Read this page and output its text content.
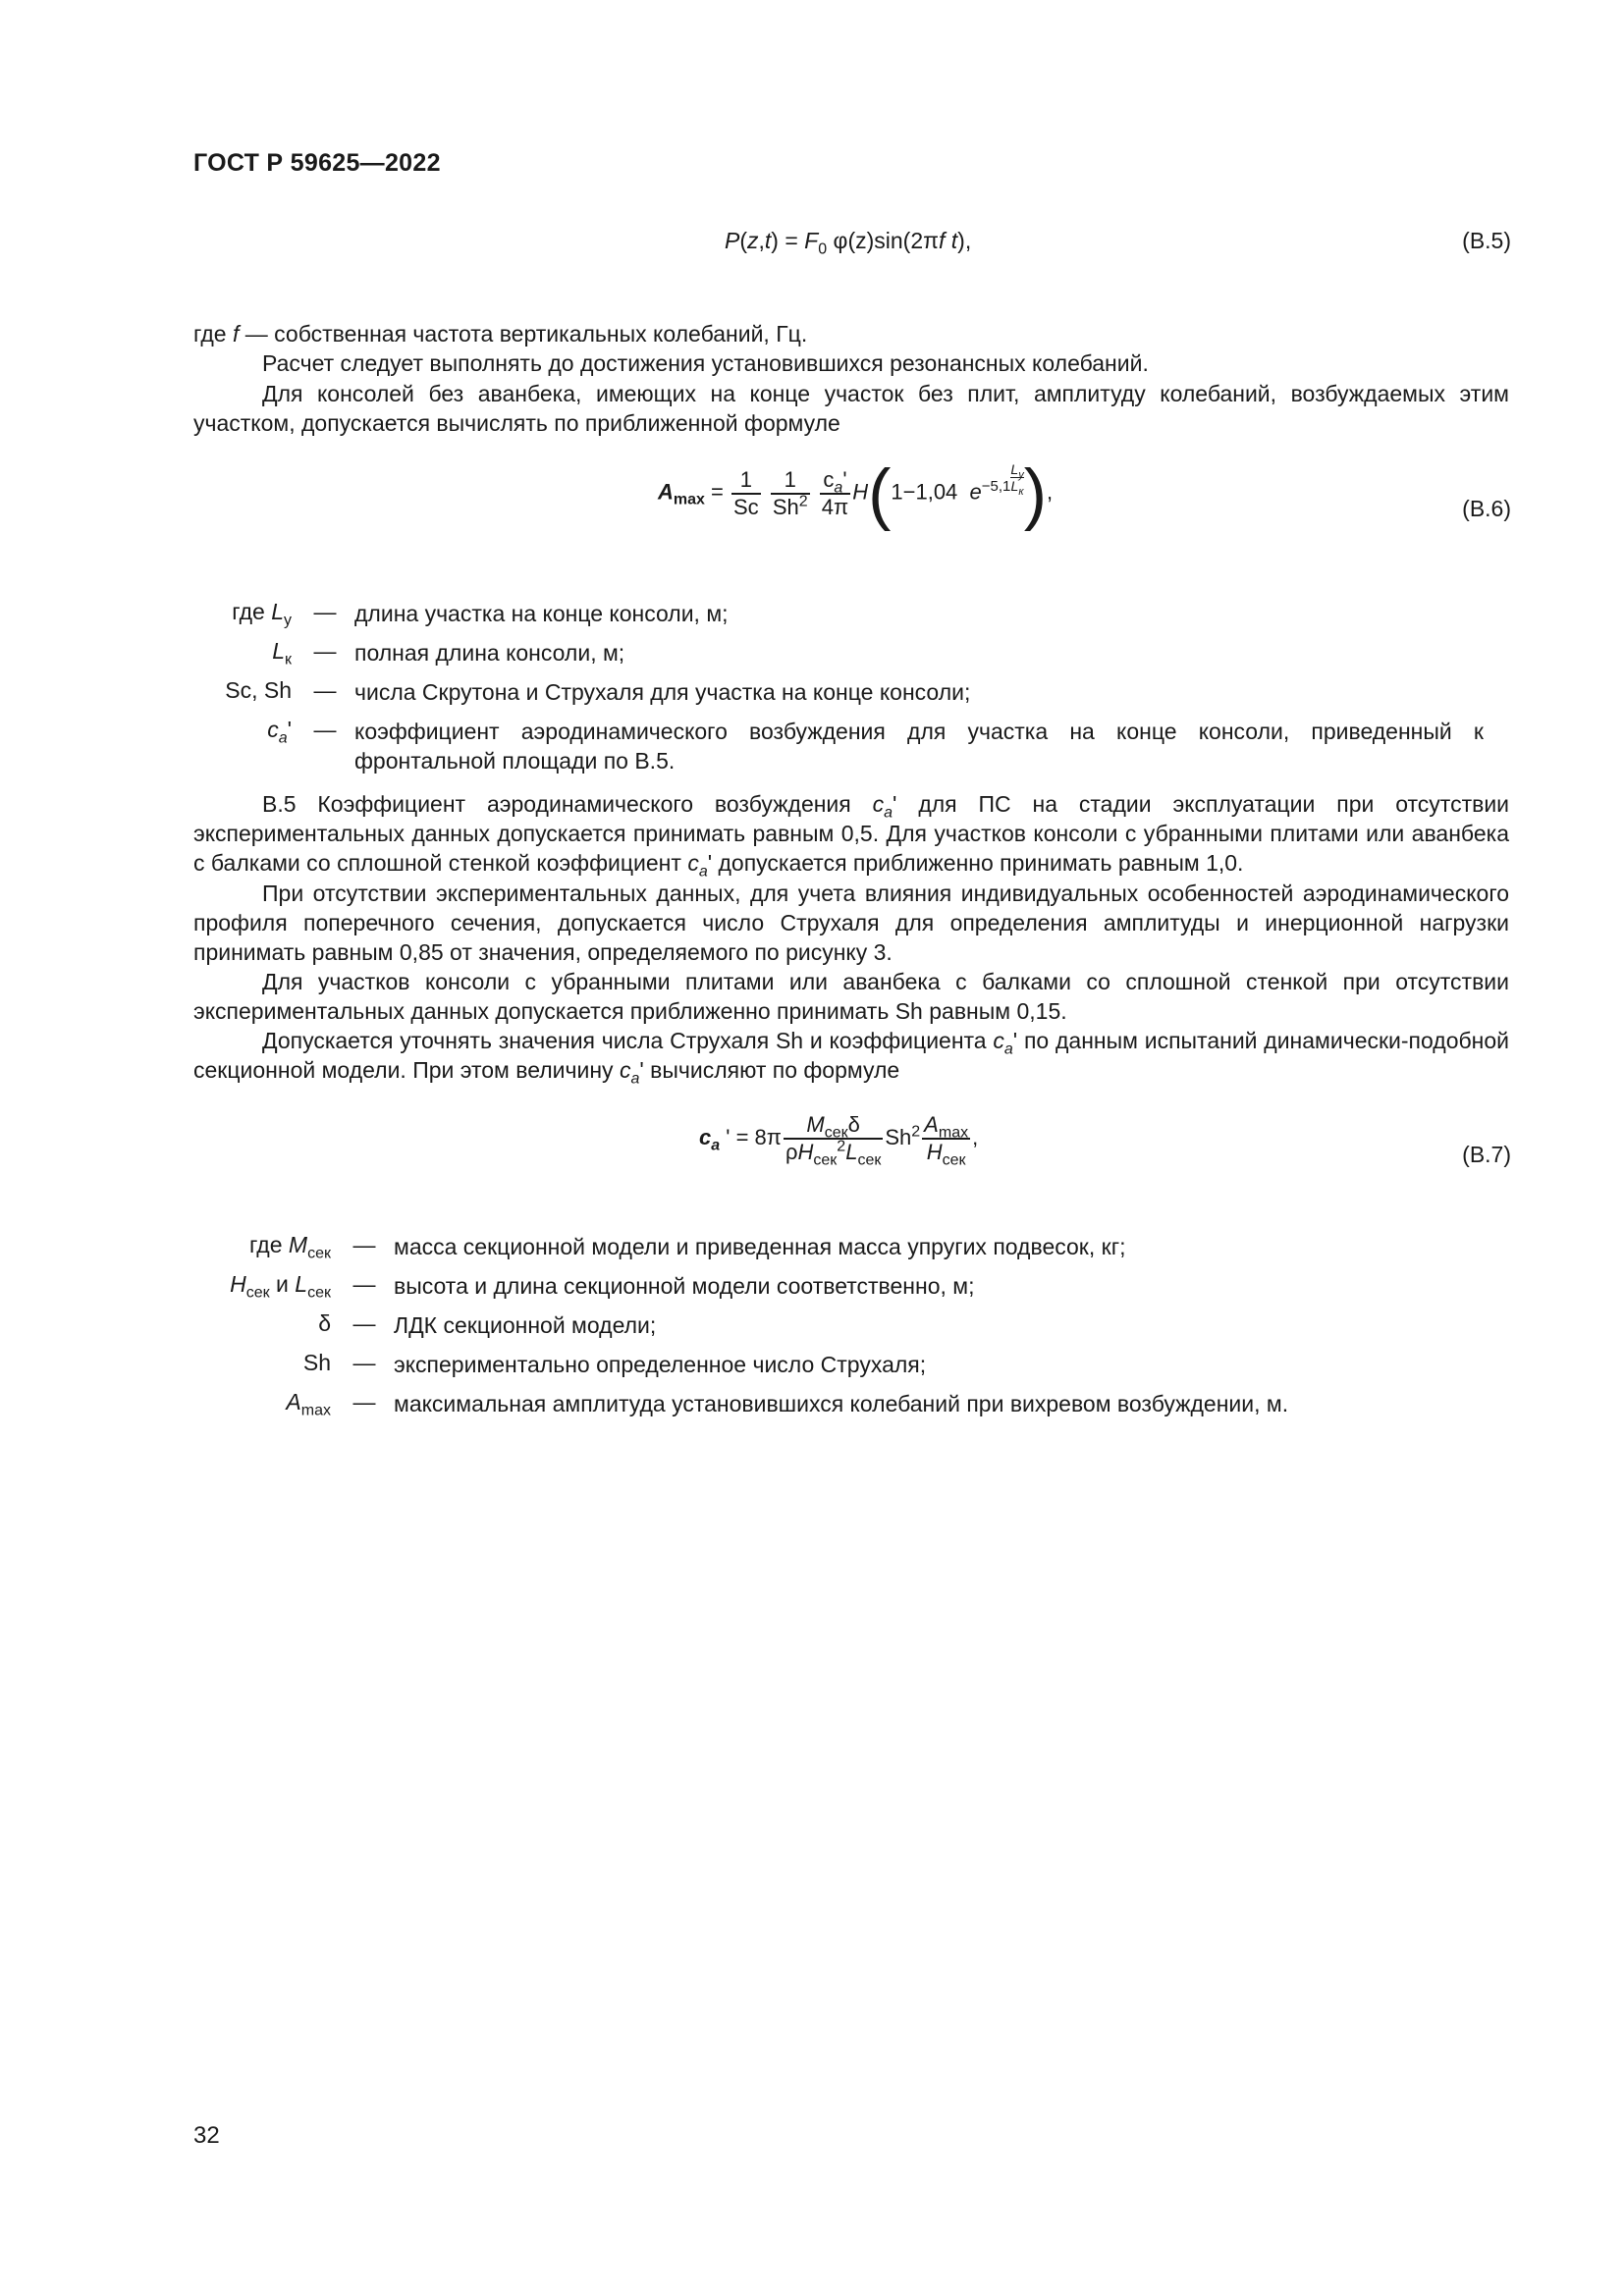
ГОСТ Р 59625—2022
$P(z,t) = F_0$ φ(z)sin(2πf t),	(В.5)
где f — собственная частота вертикальных колебаний, Гц.
Расчет следует выполнять до достижения установившихся резонансных колебаний.
Для консолей без аванбека, имеющих на конце участок без плит, амплитуду колебаний, возбуждаемых этим участком, допускается вычислять по приближенной формуле
$A_{max} = \frac{1}{Sc}$
$\frac{1}{Sh^2}$
$\frac{c_a'}{4\pi} H(1-1,04$  $e^{-5,1}$
$L_y$
$L_к$ ),
(В.6)
где $L_у$ — длина участка на конце консоли, м;
$L_к$ — полная длина консоли, м;
Sc, Sh — числа Скрутона и Струхаля для участка на конце консоли;
$c_a'$ — коэффициент аэродинамического возбуждения для участка на конце консоли, приведенный к фронтальной площади по В.5.
В.5 Коэффициент аэродинамического возбуждения $c_a'$ для ПС на стадии эксплуатации при отсутствии экспериментальных данных допускается принимать равным 0,5. Для участков консоли с убранными плитами или аванбека с балками со сплошной стенкой коэффициент $c_a'$ допускается приближенно принимать равным 1,0.
При отсутствии экспериментальных данных, для учета влияния индивидуальных особенностей аэродинамического профиля поперечного сечения, допускается число Струхаля для определения амплитуды и инерционной нагрузки принимать равным 0,85 от значения, определяемого по рисунку 3.
Для участков консоли с убранными плитами или аванбека с балками со сплошной стенкой при отсутствии экспериментальных данных допускается приближенно принимать Sh равным 0,15.
Допускается уточнять значения числа Струхаля Sh и коэффициента $c_a'$ по данным испытаний динамически-подобной секционной модели. При этом величину $c_a'$ вычисляют по формуле
$c_a$ ' = $8\pi \frac{M_{сек}\delta}{\rho H_{сек}^2L_{сек}} Sh^2 \frac{A_{max}}{H_{сек}}$ ,
(В.7)
где $M_{сек}$ — масса секционной модели и приведенная масса упругих подвесок, кг;
$H_{сек}$ и $L_{сек}$ — высота и длина секционной модели соответственно, м;
δ — ЛДК секционной модели;
Sh — экспериментально определенное число Струхаля;
$A_{max}$ — максимальная амплитуда установившихся колебаний при вихревом возбуждении, м.
32
